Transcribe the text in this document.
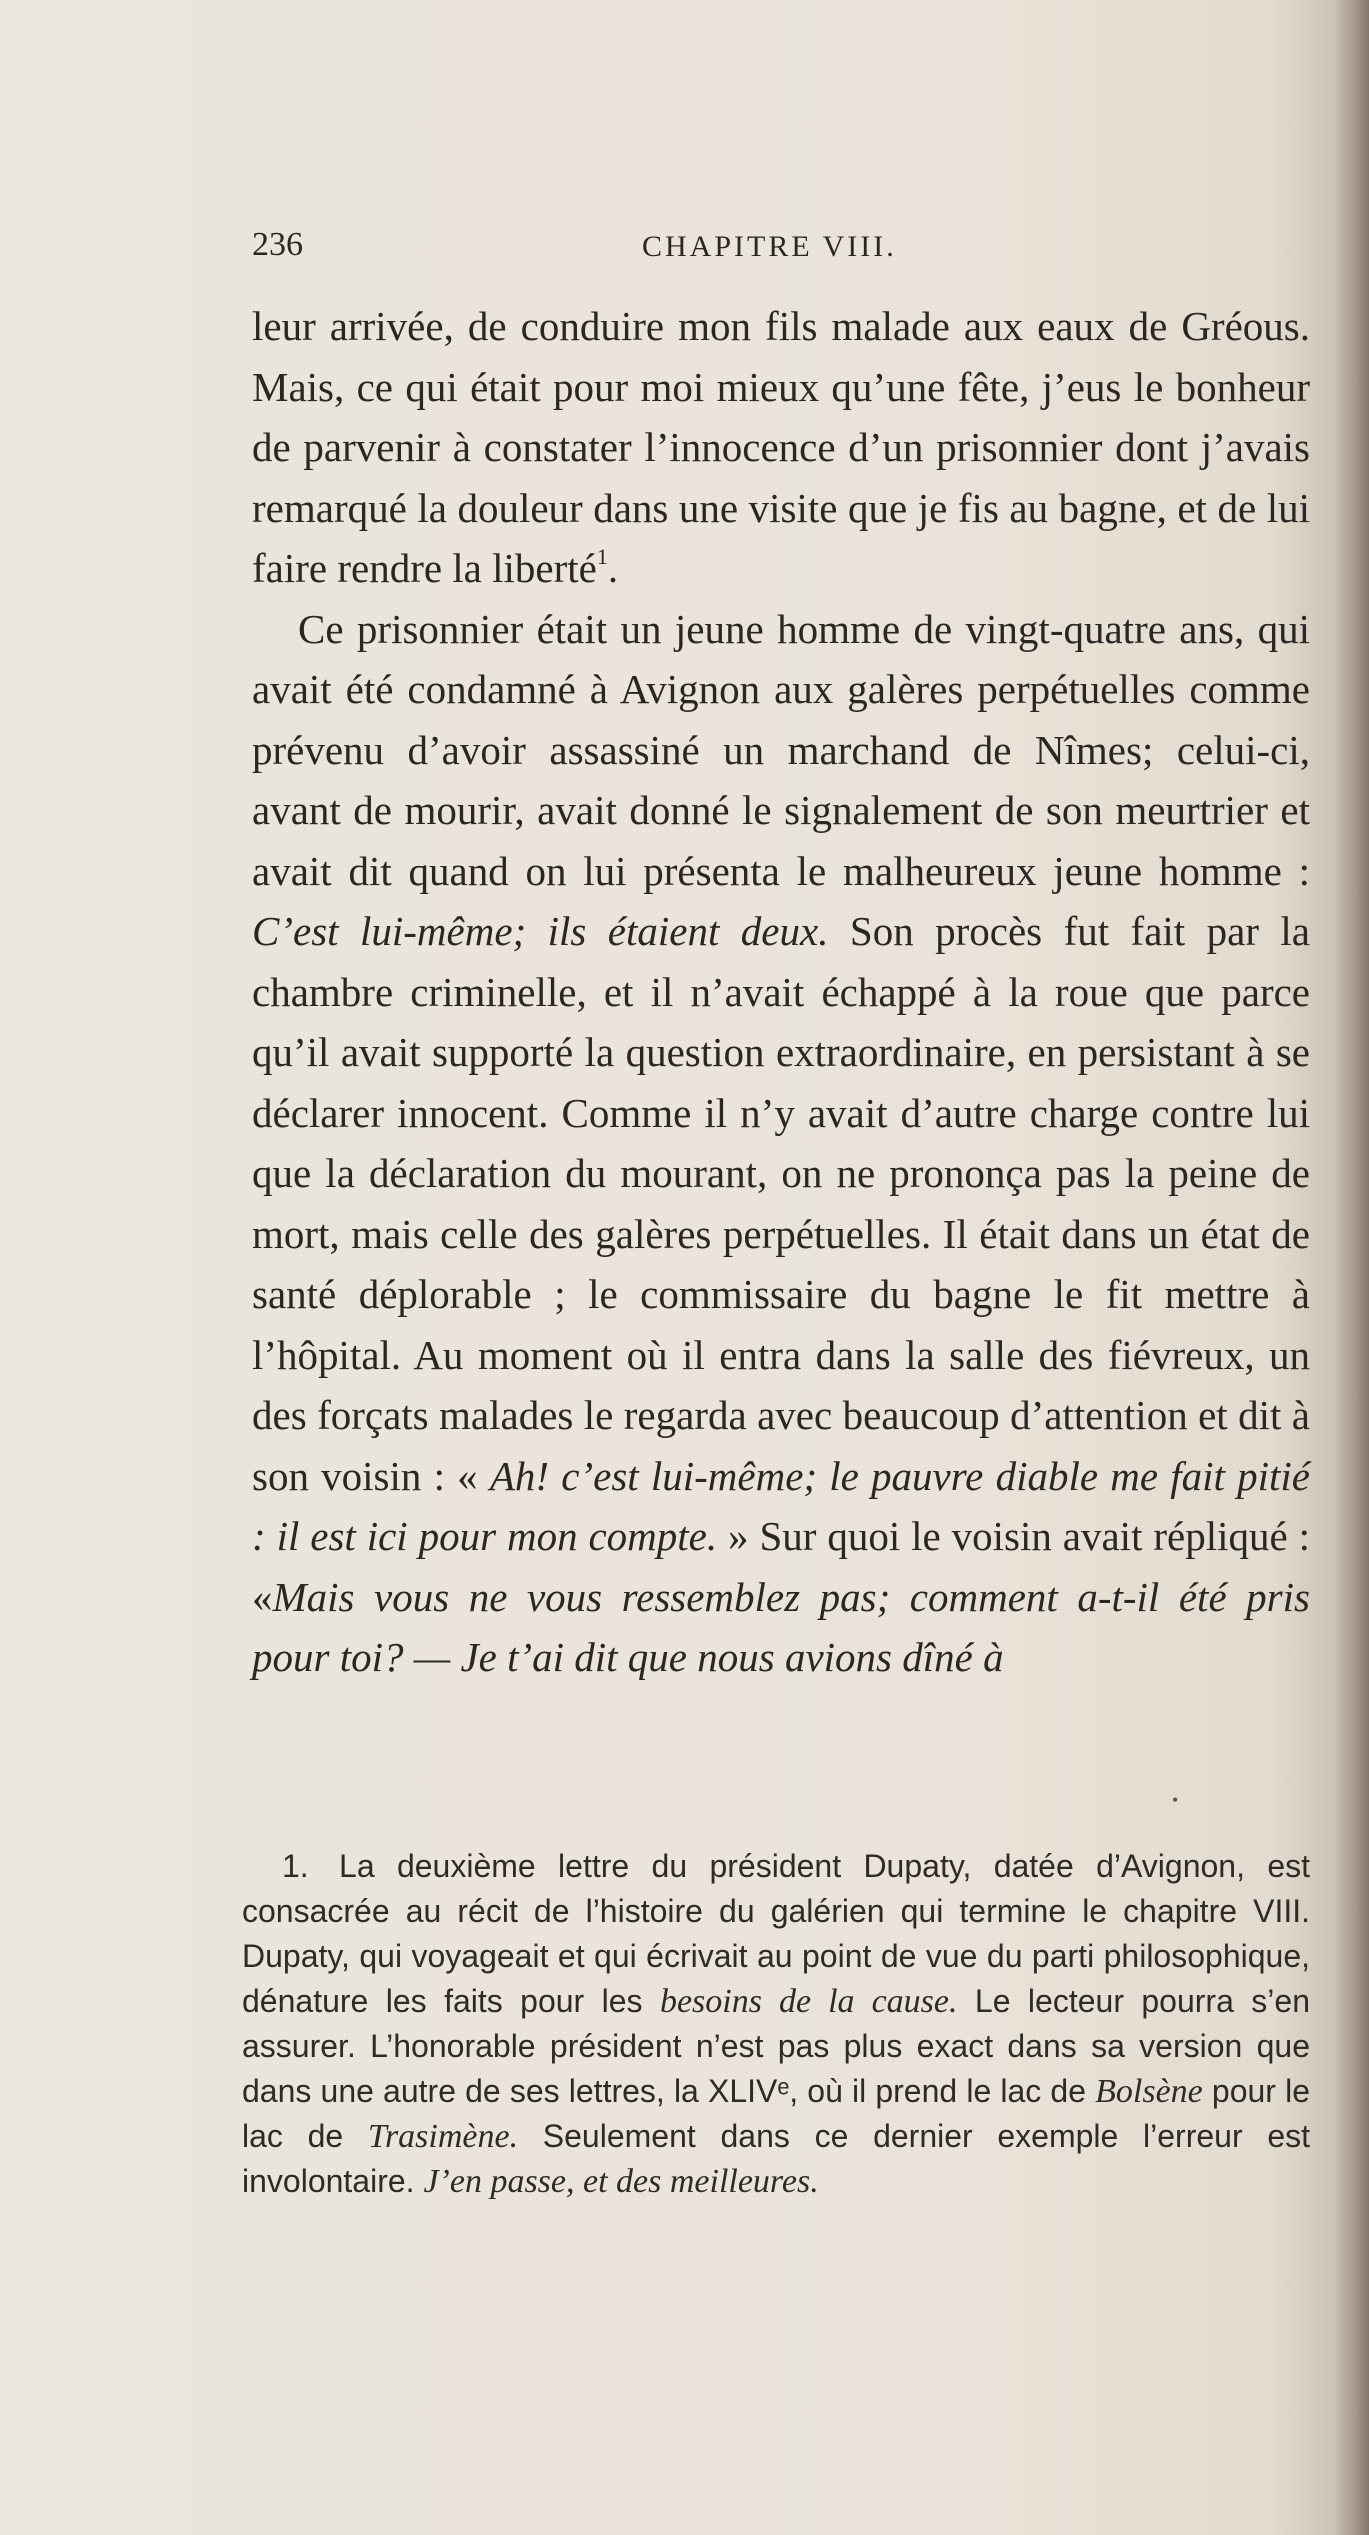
236	CHAPITRE VIII.

leur arrivée, de conduire mon fils malade aux eaux de Gréous. Mais, ce qui était pour moi mieux qu’une fête, j’eus le bonheur de parvenir à constater l’innocence d’un prisonnier dont j’avais remarqué la douleur dans une visite que je fis au bagne, et de lui faire rendre la liberté$^1$.

Ce prisonnier était un jeune homme de vingt-quatre ans, qui avait été condamné à Avignon aux galères perpétuelles comme prévenu d’avoir assassiné un marchand de Nîmes; celui-ci, avant de mourir, avait donné le signalement de son meurtrier et avait dit quand on lui présenta le malheureux jeune homme : C’est lui-même; ils étaient deux. Son procès fut fait par la chambre criminelle, et il n’avait échappé à la roue que parce qu’il avait supporté la question extraordinaire, en persistant à se déclarer innocent. Comme il n’y avait d’autre charge contre lui que la déclaration du mourant, on ne prononça pas la peine de mort, mais celle des galères perpétuelles. Il était dans un état de santé déplorable ; le commissaire du bagne le fit mettre à l’hôpital. Au moment où il entra dans la salle des fiévreux, un des forçats malades le regarda avec beaucoup d’attention et dit à son voisin : « Ah! c’est lui-même; le pauvre diable me fait pitié : il est ici pour mon compte. » Sur quoi le voisin avait répliqué : «Mais vous ne vous ressemblez pas; comment a-t-il été pris pour toi? — Je t’ai dit que nous avions dîné à

•

1. La deuxième lettre du président Dupaty, datée d’Avignon, est consacrée au récit de l’histoire du galérien qui termine le chapitre VIII. Dupaty, qui voyageait et qui écrivait au point de vue du parti philosophique, dénature les faits pour les besoins de la cause. Le lecteur pourra s’en assurer. L’honorable président n’est pas plus exact dans sa version que dans une autre de ses lettres, la XLIVᵉ, où il prend le lac de Bolsène pour le lac de Trasimène. Seulement dans ce dernier exemple l’erreur est involontaire. J’en passe, et des meilleures.
